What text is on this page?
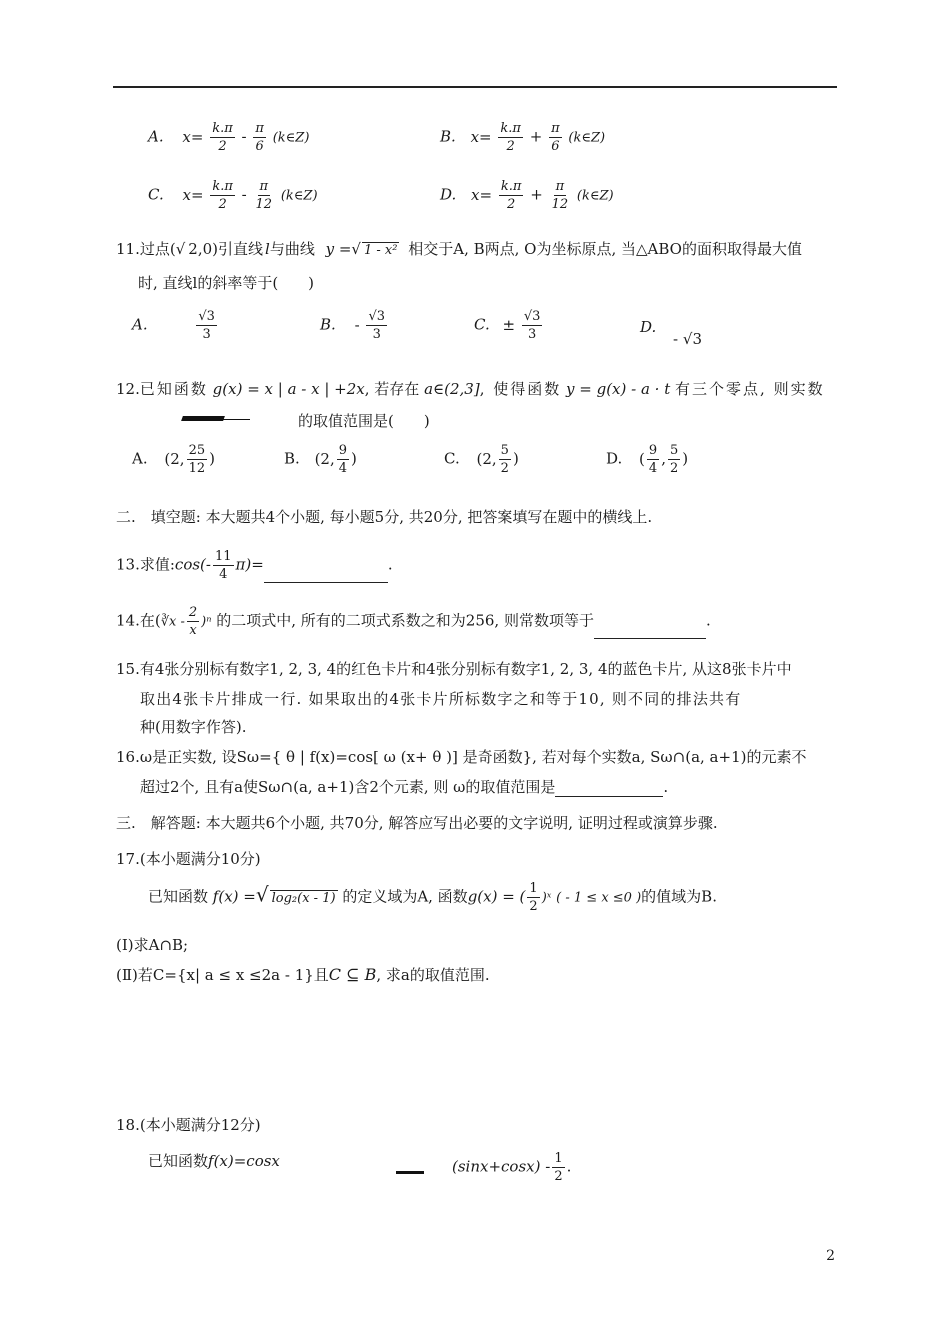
A. $x= \frac{k.\pi}{2} - \frac{\pi}{6}$ (k∈Z)	B. $x= \frac{k.\pi}{2} + \frac{\pi}{6}$ (k∈Z)
C. $x= \frac{k.\pi}{2} - \frac{\pi}{12}$ (k∈Z)	D. $x= \frac{k.\pi}{2} + \frac{\pi}{12}$ (k∈Z)
11.过点(√ 2,0)引直线 l与曲线 y =√ 1 - x² 相交于A, B两点, O为坐标原点, 当△ABO的面积取得最大值
时, 直线l的斜率等于(　　)
A.	$\frac{√3}{3}$	B. - $\frac{√3}{3}$	C. ± $\frac{√3}{3}$	D. - √3
12.已知函数 g(x) = x | a - x | +2x, 若存在 a∈(2,3], 使得函数 y = g(x) - a · t 有三个零点, 则实数
的取值范围是(　　)
A. (2, $\frac{25}{12}$ )	B. (2, $\frac{9}{4}$ )	C. (2, $\frac{5}{2}$ )	D. ( $\frac{9}{4}$ , $\frac{5}{2}$ )
二.　填空题: 本大题共4个小题, 每小题5分, 共20分, 把答案填写在题中的横线上.
13.求值:cos(- $\frac{11}{4} \pi)=$	.
14.在(∛x - $\frac{2}{x} )^n$ 的二项式中, 所有的二项式系数之和为256, 则常数项等于	.
15.有4张分别标有数字1, 2, 3, 4的红色卡片和4张分别标有数字1, 2, 3, 4的蓝色卡片, 从这8张卡片中
取出4张卡片排成一行. 如果取出的4张卡片所标数字之和等于10, 则不同的排法共有
种(用数字作答).
16.ω是正实数, 设Sω={ θ | f(x)=cos[ ω (x+ θ )] 是奇函数}, 若对每个实数a, Sω∩(a, a+1)的元素不
超过2个, 且有a使Sω∩(a, a+1)含2个元素, 则 ω的取值范围是	.
三.　解答题: 本大题共6个小题, 共70分, 解答应写出必要的文字说明, 证明过程或演算步骤.
17.(本小题满分10分)
已知函数 f(x) =√ log₂(x - 1) 的定义域为A, 函数g(x) = ( $\frac{1}{2}$ )ˣ ( - 1 ≤ x ≤0 )的值域为B.
(Ⅰ)求A∩B;
(Ⅱ)若C={x| a ≤ x ≤2a - 1}且C ⊆ B, 求a的取值范围.
18.(本小题满分12分)
已知函数f(x)=cosx	$(\sin x+\cos x) - \frac{1}{2}$ .
2
